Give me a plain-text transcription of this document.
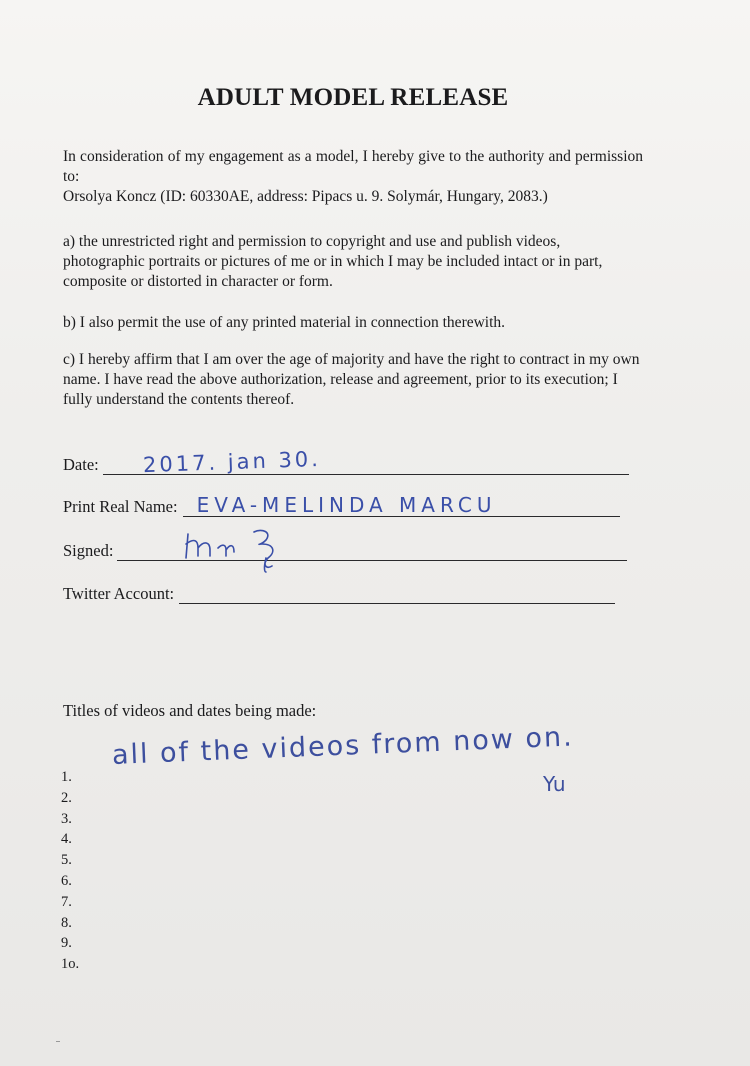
ADULT MODEL RELEASE
In consideration of my engagement as a model, I hereby give to the authority and permission to:
Orsolya Koncz (ID: 60330AE, address: Pipacs u. 9. Solymár, Hungary, 2083.)
a) the unrestricted right and permission to copyright and use and publish videos, photographic portraits or pictures of me or in which I may be included intact or in part, composite or distorted in character or form.
b) I also permit the use of any printed material in connection therewith.
c) I hereby affirm that I am over the age of majority and have the right to contract in my own name. I have read the above authorization, release and agreement, prior to its execution; I fully understand the contents thereof.
Date: 2017. jan 30.
Print Real Name: EVA-MELINDA MARCU
Signed:
Twitter Account:
Titles of videos and dates being made:
1.
2.
3.
4.
5.
6.
7.
8.
9.
1o.
all of the videos from now on.
Yu
